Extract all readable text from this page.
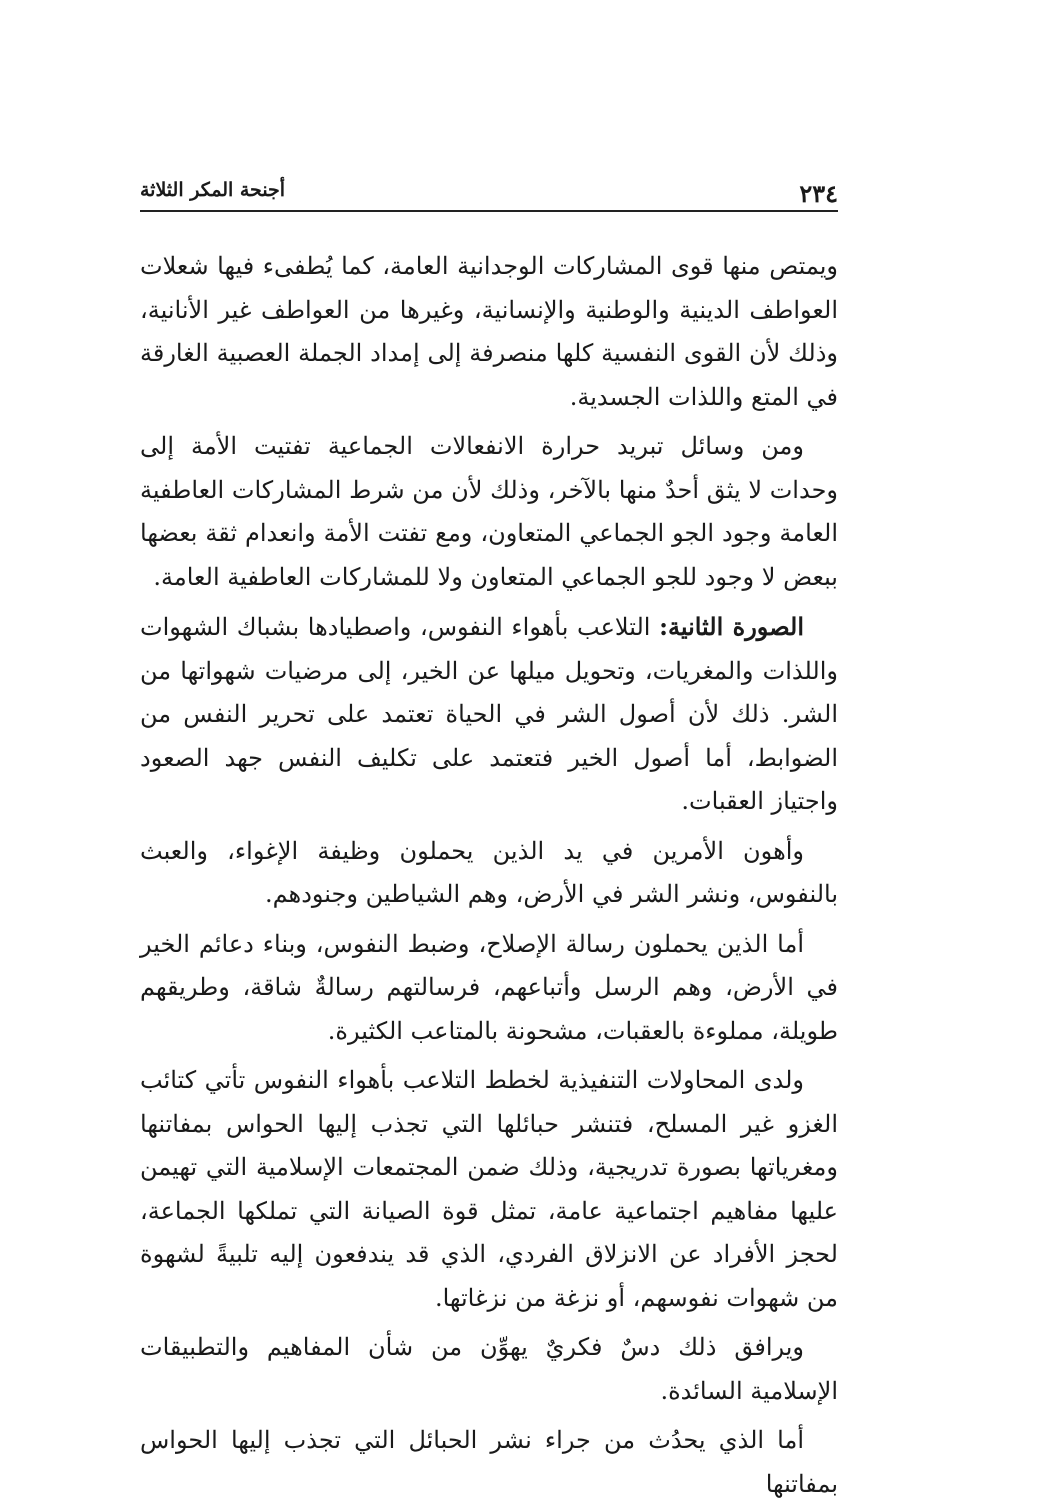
٢٣٤
أجنحة المكر الثلاثة

ويمتص منها قوى المشاركات الوجدانية العامة، كما يُطفىء فيها شعلات العواطف الدينية والوطنية والإنسانية، وغيرها من العواطف غير الأنانية، وذلك لأن القوى النفسية كلها منصرفة إلى إمداد الجملة العصبية الغارقة في المتع واللذات الجسدية.

ومن وسائل تبريد حرارة الانفعالات الجماعية تفتيت الأمة إلى وحدات لا يثق أحدٌ منها بالآخر، وذلك لأن من شرط المشاركات العاطفية العامة وجود الجو الجماعي المتعاون، ومع تفتت الأمة وانعدام ثقة بعضها ببعض لا وجود للجو الجماعي المتعاون ولا للمشاركات العاطفية العامة.

الصورة الثانية: التلاعب بأهواء النفوس، واصطيادها بشباك الشهوات واللذات والمغريات، وتحويل ميلها عن الخير، إلى مرضيات شهواتها من الشر. ذلك لأن أصول الشر في الحياة تعتمد على تحرير النفس من الضوابط، أما أصول الخير فتعتمد على تكليف النفس جهد الصعود واجتياز العقبات.

وأهون الأمرين في يد الذين يحملون وظيفة الإغواء، والعبث بالنفوس، ونشر الشر في الأرض، وهم الشياطين وجنودهم.

أما الذين يحملون رسالة الإصلاح، وضبط النفوس، وبناء دعائم الخير في الأرض، وهم الرسل وأتباعهم، فرسالتهم رسالةٌ شاقة، وطريقهم طويلة، مملوءة بالعقبات، مشحونة بالمتاعب الكثيرة.

ولدى المحاولات التنفيذية لخطط التلاعب بأهواء النفوس تأتي كتائب الغزو غير المسلح، فتنشر حبائلها التي تجذب إليها الحواس بمفاتنها ومغرياتها بصورة تدريجية، وذلك ضمن المجتمعات الإسلامية التي تهيمن عليها مفاهيم اجتماعية عامة، تمثل قوة الصيانة التي تملكها الجماعة، لحجز الأفراد عن الانزلاق الفردي، الذي قد يندفعون إليه تلبيةً لشهوة من شهوات نفوسهم، أو نزغة من نزغاتها.

ويرافق ذلك دسٌ فكريٌ يهوِّن من شأن المفاهيم والتطبيقات الإسلامية السائدة.

أما الذي يحدُث من جراء نشر الحبائل التي تجذب إليها الحواس بمفاتنها
